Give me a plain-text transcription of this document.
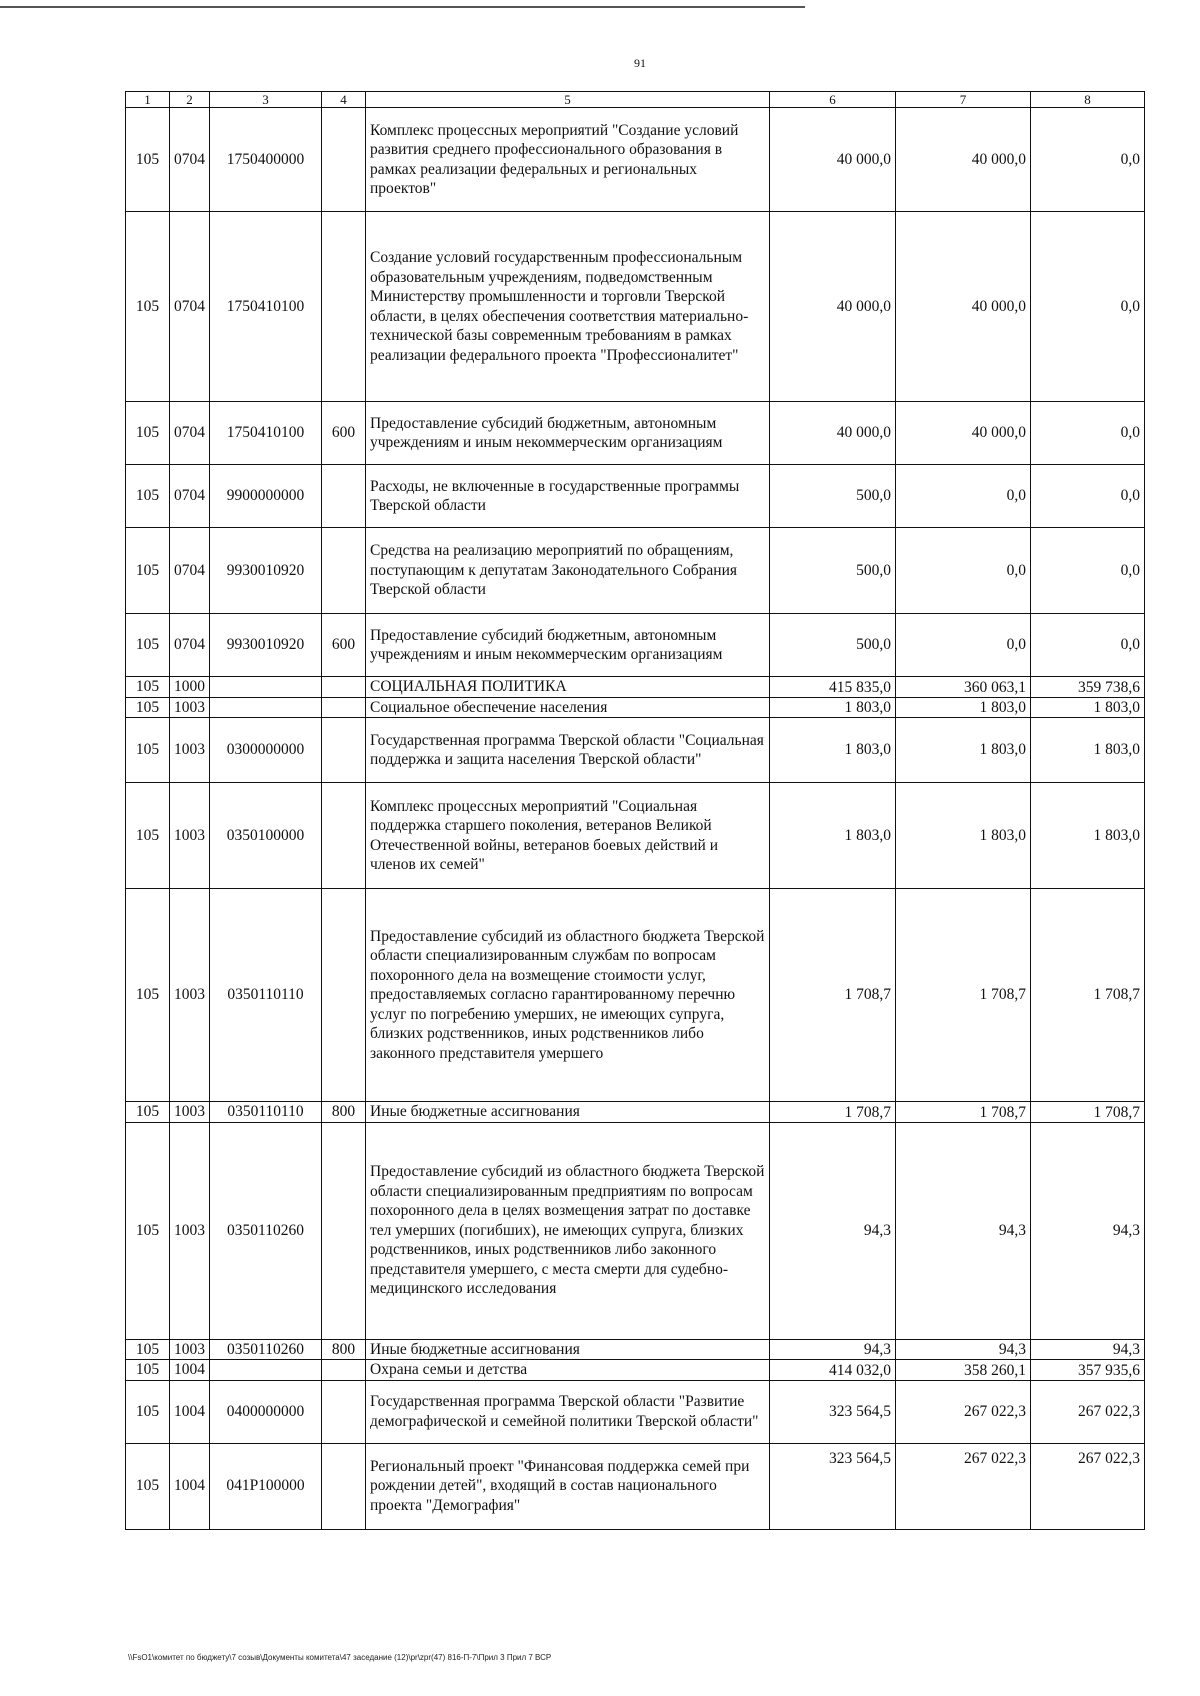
91
1	2	3	4	5	6	7	8
105	0704	1750400000		Комплекс процессных мероприятий "Создание условий развития среднего профессионального образования в рамках реализации федеральных и региональных проектов"	40 000,0	40 000,0	0,0
105	0704	1750410100		Создание условий государственным профессиональным образовательным учреждениям, подведомственным Министерству промышленности и торговли Тверской области, в целях обеспечения соответствия материально-технической базы современным требованиям в рамках реализации федерального проекта "Профессионалитет"	40 000,0	40 000,0	0,0
105	0704	1750410100	600	Предоставление субсидий бюджетным, автономным учреждениям и иным некоммерческим организациям	40 000,0	40 000,0	0,0
105	0704	9900000000		Расходы, не включенные в государственные программы Тверской области	500,0	0,0	0,0
105	0704	9930010920		Средства на реализацию мероприятий по обращениям, поступающим к депутатам Законодательного Собрания Тверской области	500,0	0,0	0,0
105	0704	9930010920	600	Предоставление субсидий бюджетным, автономным учреждениям и иным некоммерческим организациям	500,0	0,0	0,0
105	1000			СОЦИАЛЬНАЯ ПОЛИТИКА	415 835,0	360 063,1	359 738,6
105	1003			Социальное обеспечение населения	1 803,0	1 803,0	1 803,0
105	1003	0300000000		Государственная программа Тверской области "Социальная поддержка и защита населения Тверской области"	1 803,0	1 803,0	1 803,0
105	1003	0350100000		Комплекс процессных мероприятий "Социальная поддержка старшего поколения, ветеранов Великой Отечественной войны, ветеранов боевых действий и членов их семей"	1 803,0	1 803,0	1 803,0
105	1003	0350110110		Предоставление субсидий из областного бюджета Тверской области специализированным службам по вопросам похоронного дела на возмещение стоимости услуг, предоставляемых согласно гарантированному перечню услуг по погребению умерших, не имеющих супруга, близких родственников, иных родственников либо законного представителя умершего	1 708,7	1 708,7	1 708,7
105	1003	0350110110	800	Иные бюджетные ассигнования	1 708,7	1 708,7	1 708,7
105	1003	0350110260		Предоставление субсидий из областного бюджета Тверской области специализированным предприятиям по вопросам похоронного дела в целях возмещения затрат по доставке тел умерших (погибших), не имеющих супруга, близких родственников, иных родственников либо законного представителя умершего, с места смерти для судебно-медицинского исследования	94,3	94,3	94,3
105	1003	0350110260	800	Иные бюджетные ассигнования	94,3	94,3	94,3
105	1004			Охрана семьи и детства	414 032,0	358 260,1	357 935,6
105	1004	0400000000		Государственная программа Тверской области "Развитие демографической и семейной политики Тверской области"	323 564,5	267 022,3	267 022,3
105	1004	041P100000		Региональный проект "Финансовая поддержка семей при рождении детей", входящий в состав национального проекта "Демография"	323 564,5	267 022,3	267 022,3
\\FsO1\комитет по бюджету\7 созыв\Документы комитета\47 заседание (12)\pr\zpr(47) 816-П-7\Прил 3 Прил 7 ВСР
